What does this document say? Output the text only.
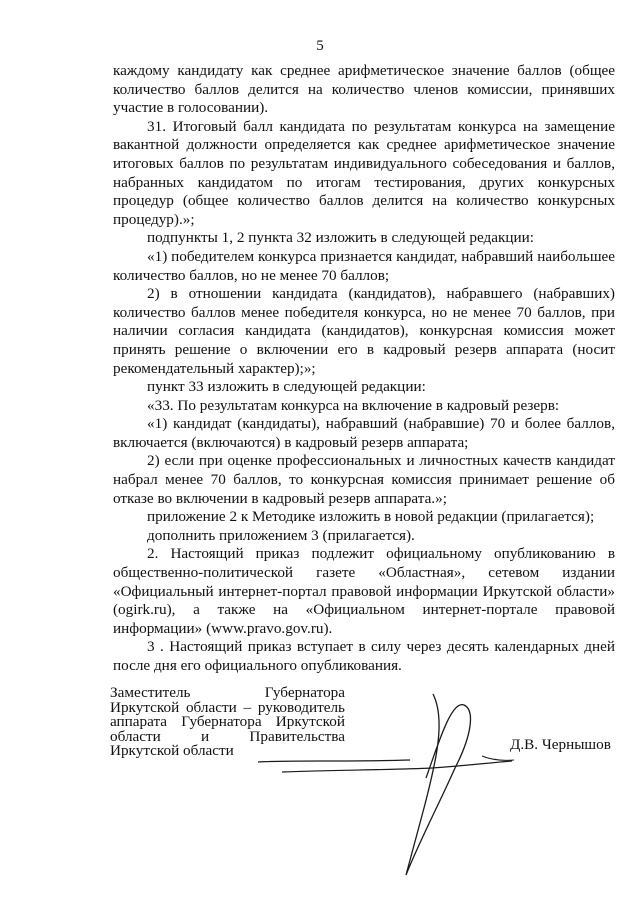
5

каждому кандидату как среднее арифметическое значение баллов (общее количество баллов делится на количество членов комиссии, принявших участие в голосовании).

31. Итоговый балл кандидата по результатам конкурса на замещение вакантной должности определяется как среднее арифметическое значение итоговых баллов по результатам индивидуального собеседования и баллов, набранных кандидатом по итогам тестирования, других конкурсных процедур (общее количество баллов делится на количество конкурсных процедур).»;

подпункты 1, 2 пункта 32 изложить в следующей редакции:

«1) победителем конкурса признается кандидат, набравший наибольшее количество баллов, но не менее 70 баллов;

2) в отношении кандидата (кандидатов), набравшего (набравших) количество баллов менее победителя конкурса, но не менее 70 баллов, при наличии согласия кандидата (кандидатов), конкурсная комиссия может принять решение о включении его в кадровый резерв аппарата (носит рекомендательный характер);»;

пункт 33 изложить в следующей редакции:

«33. По результатам конкурса на включение в кадровый резерв:

«1) кандидат (кандидаты), набравший (набравшие) 70 и более баллов, включается (включаются) в кадровый резерв аппарата;

2) если при оценке профессиональных и личностных качеств кандидат набрал менее 70 баллов, то конкурсная комиссия принимает решение об отказе во включении в кадровый резерв аппарата.»;

приложение 2 к Методике изложить в новой редакции (прилагается);

дополнить приложением 3 (прилагается).

2. Настоящий приказ подлежит официальному опубликованию в общественно-политической газете «Областная», сетевом издании «Официальный интернет-портал правовой информации Иркутской области» (ogirk.ru), а также на «Официальном интернет-портале правовой информации» (www.pravo.gov.ru).

3 . Настоящий приказ вступает в силу через десять календарных дней после дня его официального опубликования.

Заместитель Губернатора

Иркутской области – руководитель

аппарата Губернатора Иркутской

области и Правительства

Иркутской области	Д.В. Чернышов
